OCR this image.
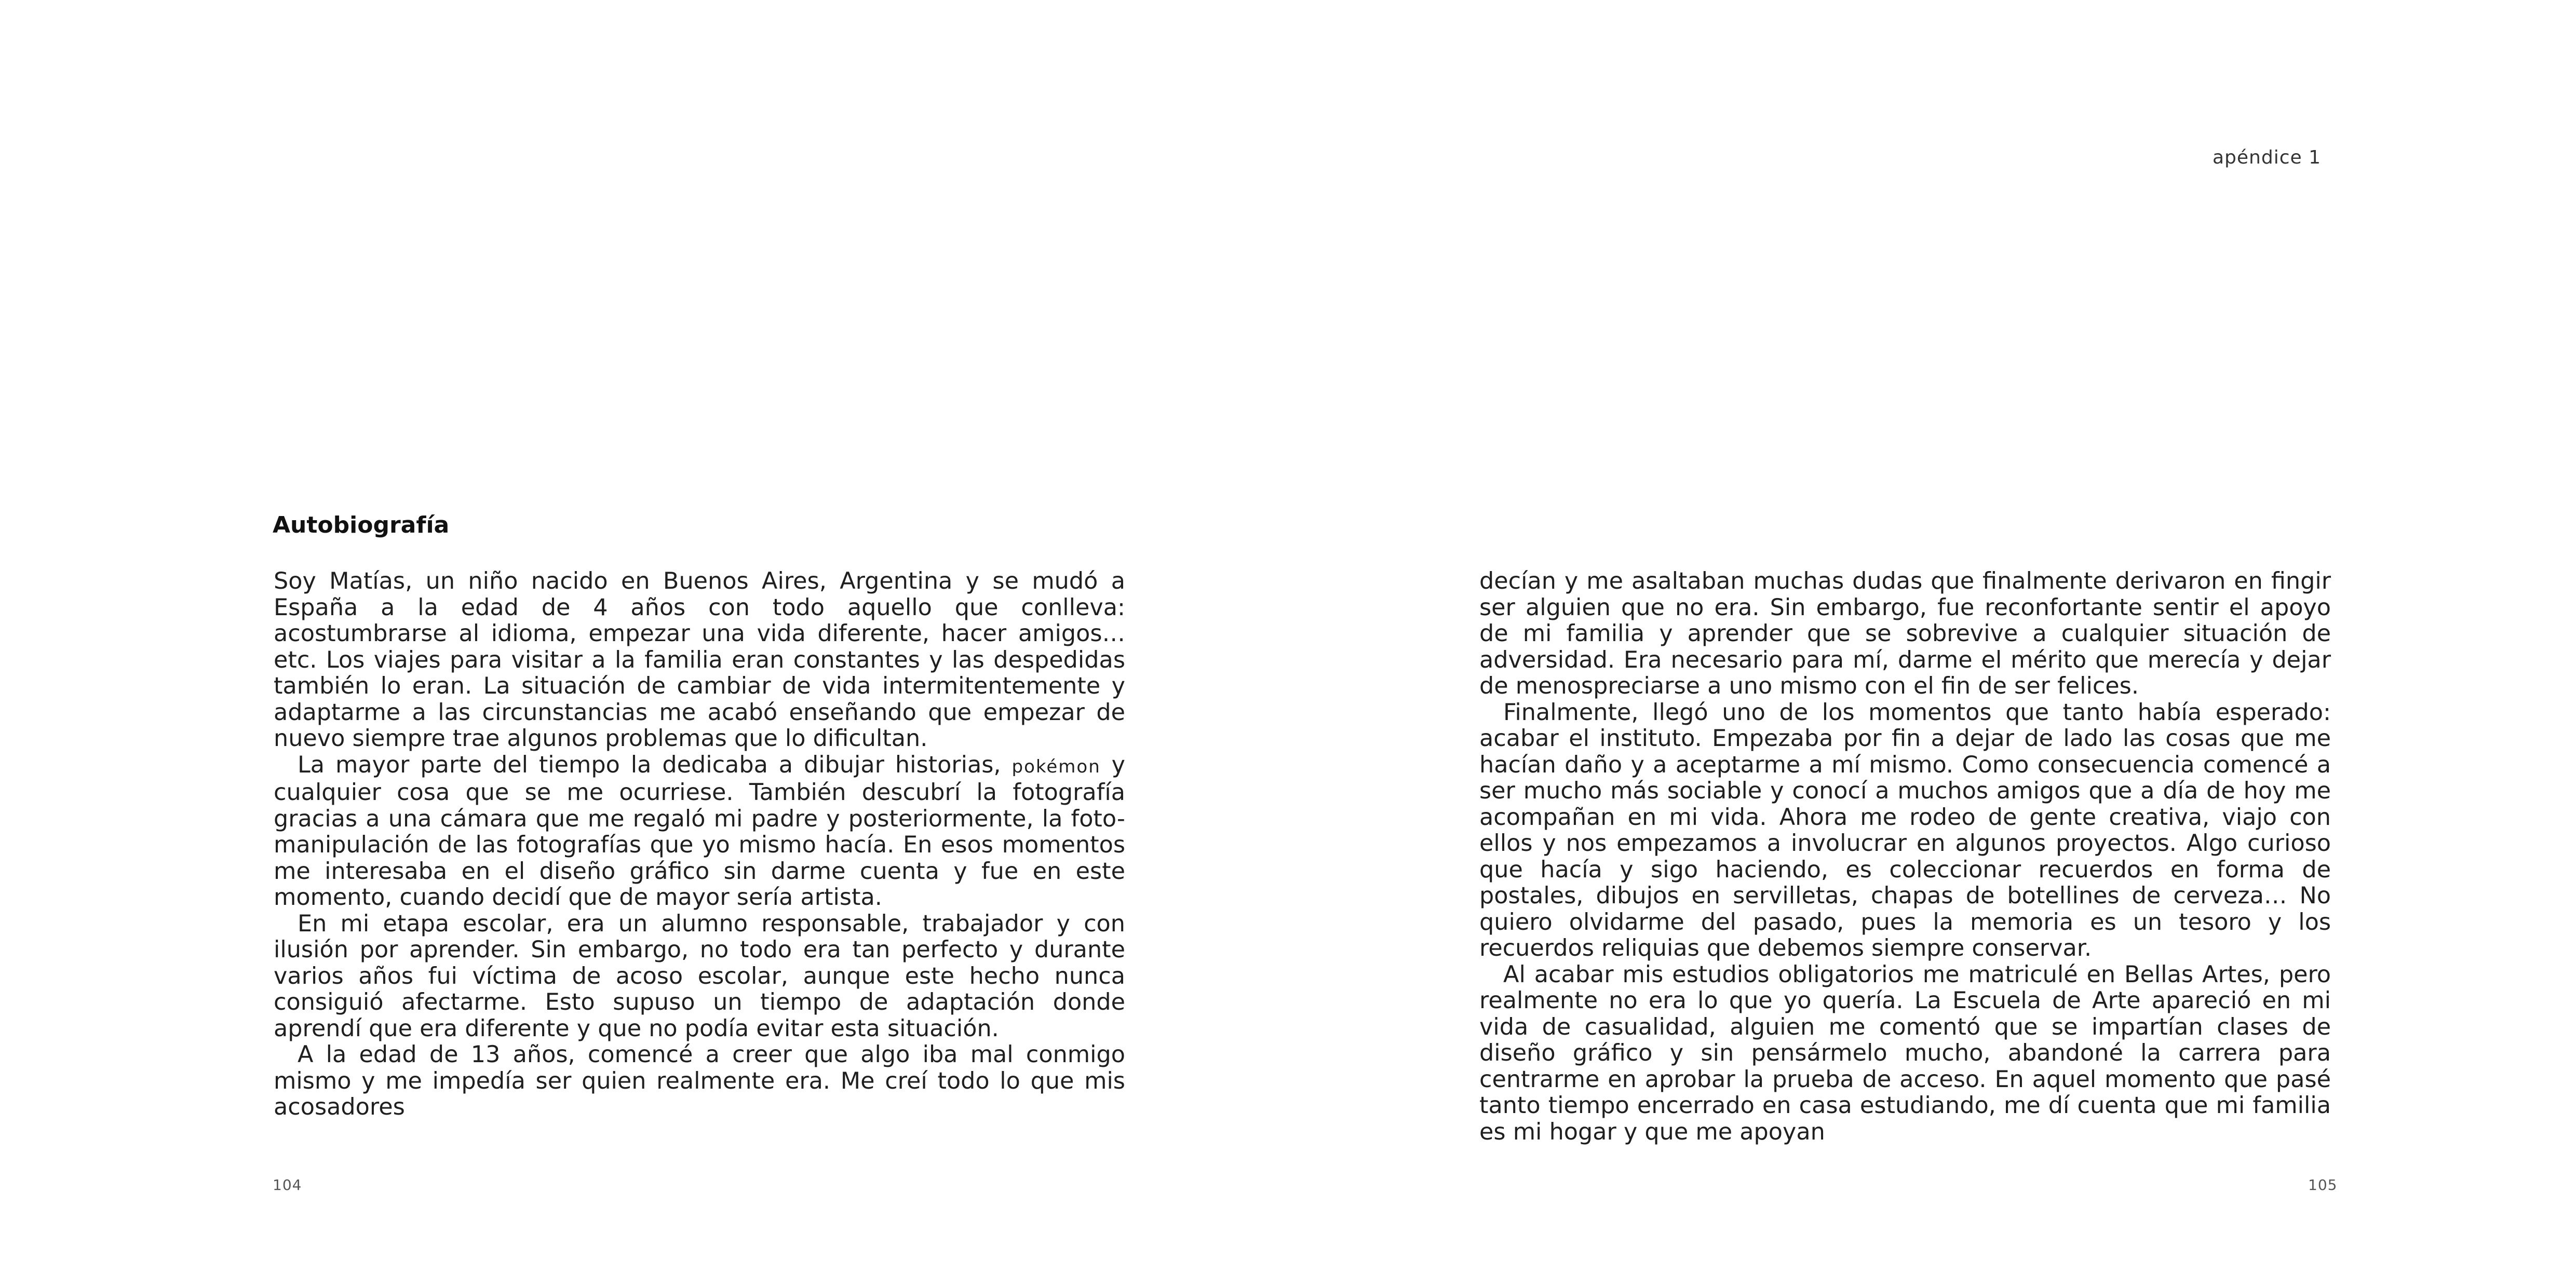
Autobiografía

Soy Matías, un niño nacido en Buenos Aires, Argentina y se mudó a España a la edad de 4 años con todo aquello que conlleva: acostumbrarse al idioma, empezar una vida diferente, hacer amigos… etc. Los viajes para visitar a la familia eran constantes y las despedidas también lo eran. La situación de cambiar de vida intermitentemente y adaptarme a las circunstancias me acabó enseñando que empezar de nuevo siempre trae algunos problemas que lo dificultan.

La mayor parte del tiempo la dedicaba a dibujar historias, pokémon y cualquier cosa que se me ocurriese. También descubrí la fotografía gracias a una cámara que me regaló mi padre y posteriormente, la foto-manipulación de las fotografías que yo mismo hacía. En esos momentos me interesaba en el diseño gráfico sin darme cuenta y fue en este momento, cuando decidí que de mayor sería artista.

En mi etapa escolar, era un alumno responsable, trabajador y con ilusión por aprender. Sin embargo, no todo era tan perfecto y durante varios años fui víctima de acoso escolar, aunque este hecho nunca consiguió afectarme. Esto supuso un tiempo de adaptación donde aprendí que era diferente y que no podía evitar esta situación.

A la edad de 13 años, comencé a creer que algo iba mal conmigo mismo y me impedía ser quien realmente era. Me creí todo lo que mis acosadores

104
apéndice 1

decían y me asaltaban muchas dudas que finalmente derivaron en fingir ser alguien que no era. Sin embargo, fue reconfortante sentir el apoyo de mi familia y aprender que se sobrevive a cualquier situación de adversidad. Era necesario para mí, darme el mérito que merecía y dejar de menospreciarse a uno mismo con el fin de ser felices.

Finalmente, llegó uno de los momentos que tanto había esperado: acabar el instituto. Empezaba por fin a dejar de lado las cosas que me hacían daño y a aceptarme a mí mismo. Como consecuencia comencé a ser mucho más sociable y conocí a muchos amigos que a día de hoy me acompañan en mi vida. Ahora me rodeo de gente creativa, viajo con ellos y nos empezamos a involucrar en algunos proyectos. Algo curioso que hacía y sigo haciendo, es coleccionar recuerdos en forma de postales, dibujos en servilletas, chapas de botellines de cerveza… No quiero olvidarme del pasado, pues la memoria es un tesoro y los recuerdos reliquias que debemos siempre conservar.

Al acabar mis estudios obligatorios me matriculé en Bellas Artes, pero realmente no era lo que yo quería. La Escuela de Arte apareció en mi vida de casualidad, alguien me comentó que se impartían clases de diseño gráfico y sin pensármelo mucho, abandoné la carrera para centrarme en aprobar la prueba de acceso. En aquel momento que pasé tanto tiempo encerrado en casa estudiando, me dí cuenta que mi familia es mi hogar y que me apoyan

105
